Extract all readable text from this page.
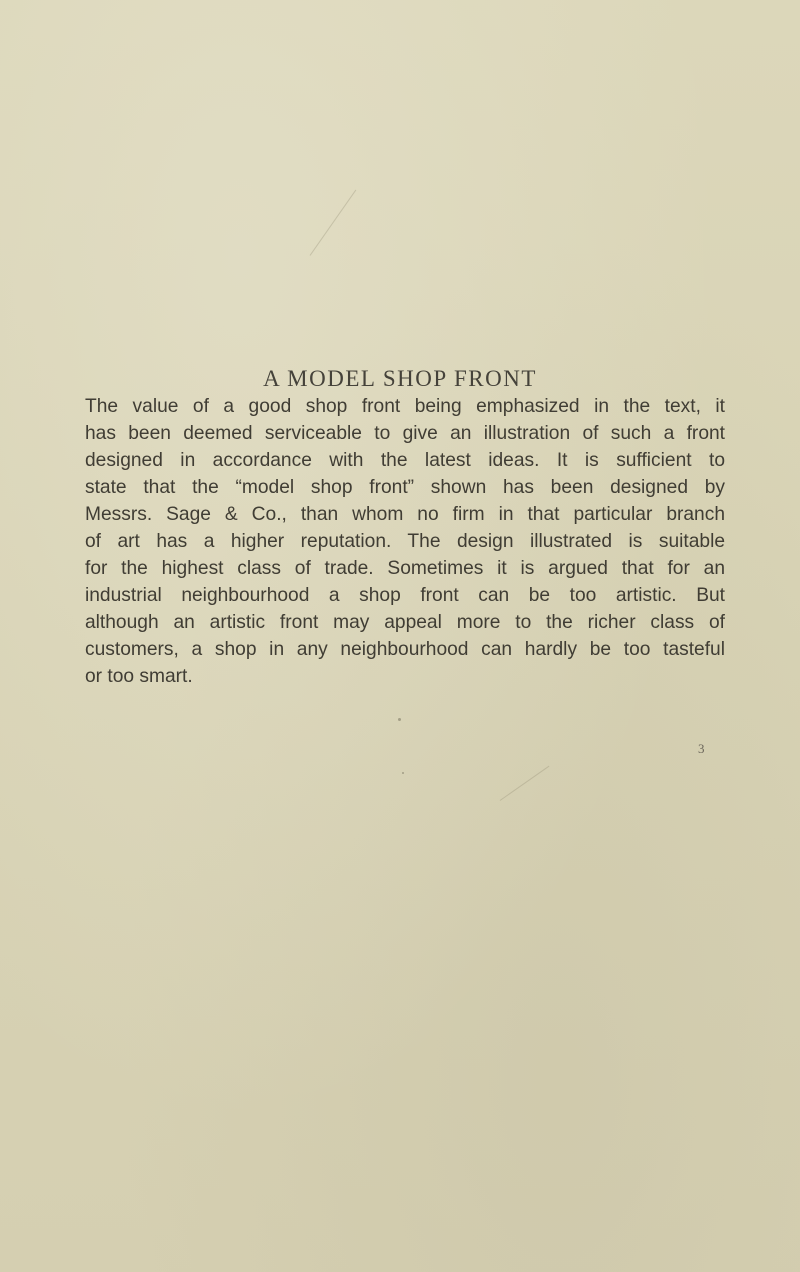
A MODEL SHOP FRONT
The value of a good shop front being emphasized in the text, it
has been deemed serviceable to give an illustration of such a front
designed in accordance with the latest ideas. It is sufficient to
state that the “model shop front” shown has been designed by
Messrs. Sage & Co., than whom no firm in that particular branch
of art has a higher reputation. The design illustrated is suitable
for the highest class of trade. Sometimes it is argued that for an
industrial neighbourhood a shop front can be too artistic. But
although an artistic front may appeal more to the richer class of
customers, a shop in any neighbourhood can hardly be too tasteful
or too smart.
3
